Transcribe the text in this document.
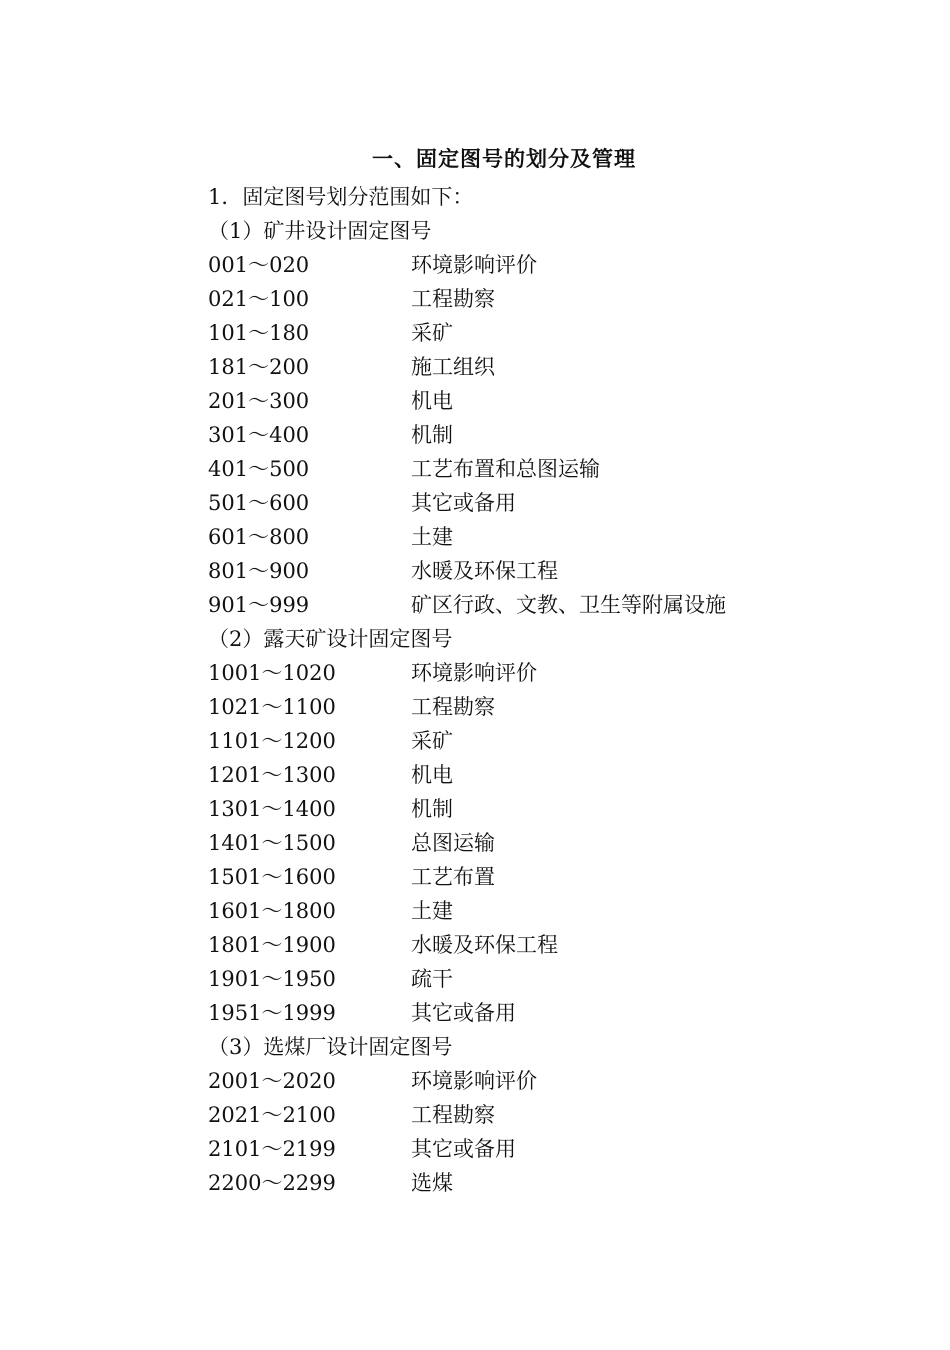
一、固定图号的划分及管理
1．固定图号划分范围如下：
（1）矿井设计固定图号
001～020	环境影响评价
021～100	工程勘察
101～180	采矿
181～200	施工组织
201～300	机电
301～400	机制
401～500	工艺布置和总图运输
501～600	其它或备用
601～800	土建
801～900	水暖及环保工程
901～999	矿区行政、文教、卫生等附属设施
（2）露天矿设计固定图号
1001～1020	环境影响评价
1021～1100	工程勘察
1101～1200	采矿
1201～1300	机电
1301～1400	机制
1401～1500	总图运输
1501～1600	工艺布置
1601～1800	土建
1801～1900	水暖及环保工程
1901～1950	疏干
1951～1999	其它或备用
（3）选煤厂设计固定图号
2001～2020	环境影响评价
2021～2100	工程勘察
2101～2199	其它或备用
2200～2299	选煤
